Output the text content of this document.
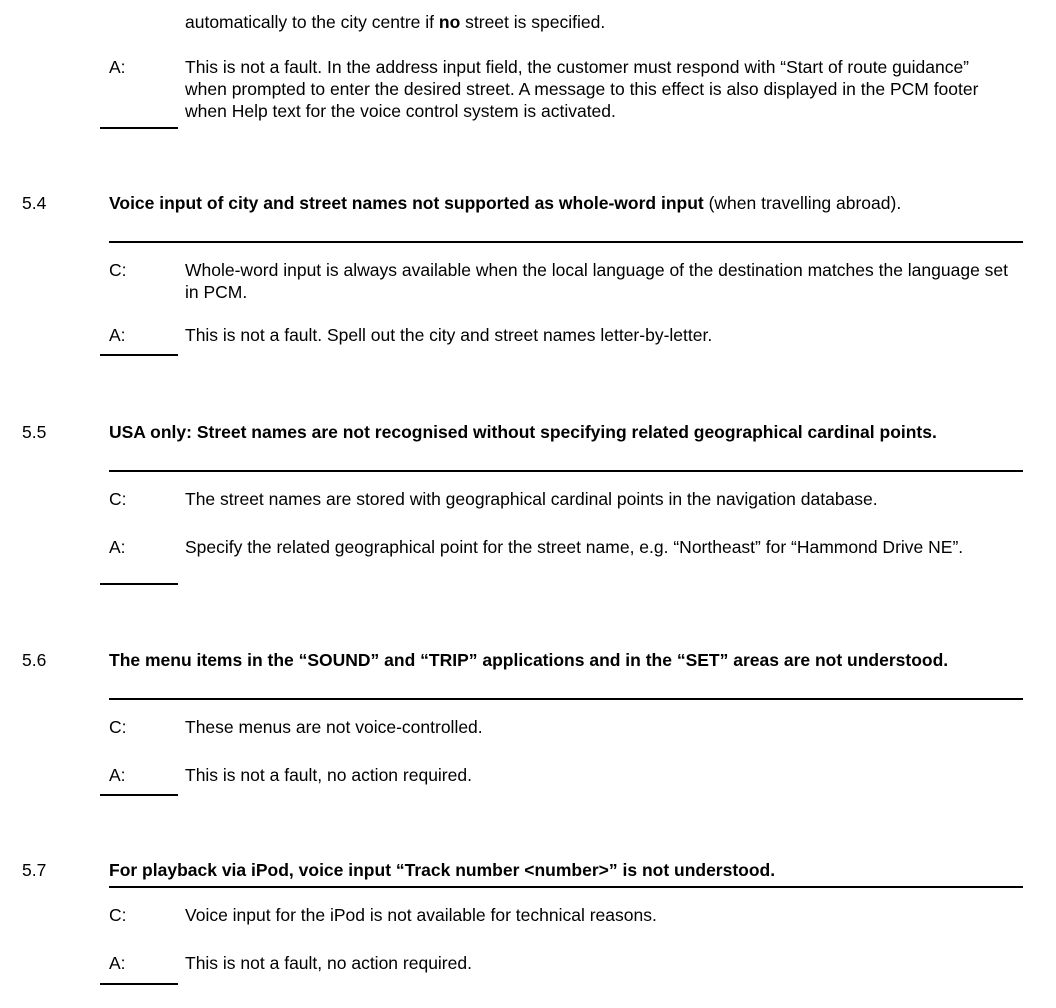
automatically to the city centre if no street is specified.
A:	This is not a fault. In the address input field, the customer must respond with “Start of route guidance” when prompted to enter the desired street. A message to this effect is also displayed in the PCM footer when Help text for the voice control system is activated.
5.4	Voice input of city and street names not supported as whole-word input (when travelling abroad).
C:	Whole-word input is always available when the local language of the destination matches the language set in PCM.
A:	This is not a fault. Spell out the city and street names letter-by-letter.
5.5	USA only: Street names are not recognised without specifying related geographical cardinal points.
C:	The street names are stored with geographical cardinal points in the navigation database.
A:	Specify the related geographical point for the street name, e.g. “Northeast” for “Hammond Drive NE”.
5.6	The menu items in the “SOUND” and “TRIP” applications and in the “SET” areas are not understood.
C:	These menus are not voice-controlled.
A:	This is not a fault, no action required.
5.7	For playback via iPod, voice input “Track number <number>” is not understood.
C:	Voice input for the iPod is not available for technical reasons.
A:	This is not a fault, no action required.
